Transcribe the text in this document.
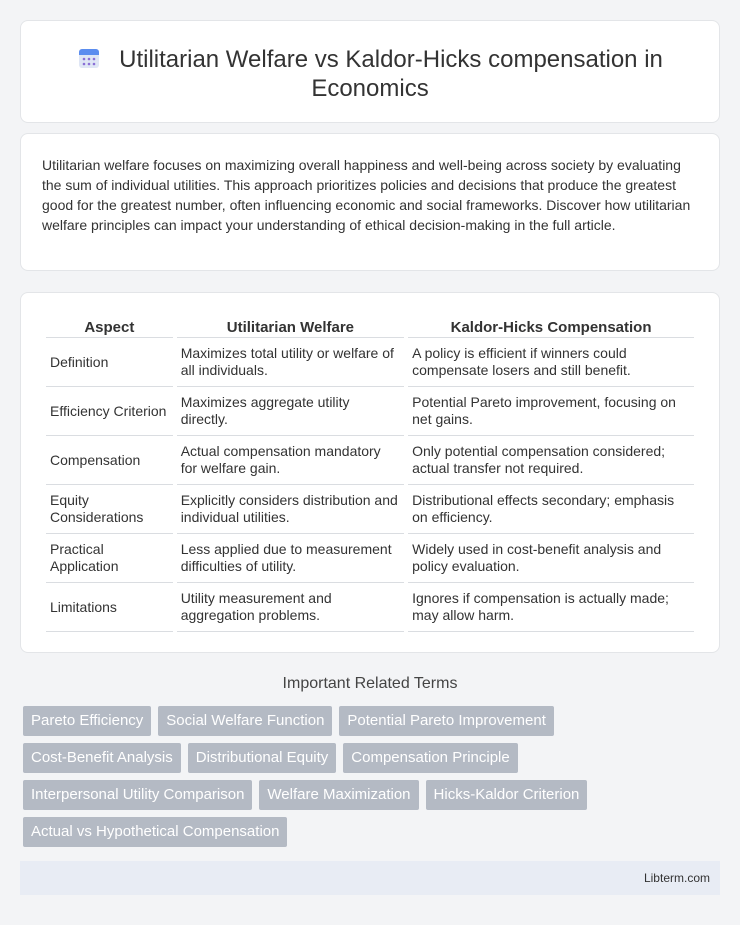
Utilitarian Welfare vs Kaldor-Hicks compensation in Economics

Utilitarian welfare focuses on maximizing overall happiness and well-being across society by evaluating the sum of individual utilities. This approach prioritizes policies and decisions that produce the greatest good for the greatest number, often influencing economic and social frameworks. Discover how utilitarian welfare principles can impact your understanding of ethical decision-making in the full article.

Aspect	Utilitarian Welfare	Kaldor-Hicks Compensation
Definition	Maximizes total utility or welfare of all individuals.	A policy is efficient if winners could compensate losers and still benefit.
Efficiency Criterion	Maximizes aggregate utility directly.	Potential Pareto improvement, focusing on net gains.
Compensation	Actual compensation mandatory for welfare gain.	Only potential compensation considered; actual transfer not required.
Equity Considerations	Explicitly considers distribution and individual utilities.	Distributional effects secondary; emphasis on efficiency.
Practical Application	Less applied due to measurement difficulties of utility.	Widely used in cost-benefit analysis and policy evaluation.
Limitations	Utility measurement and aggregation problems.	Ignores if compensation is actually made; may allow harm.
Important Related Terms
Pareto Efficiency	Social Welfare Function	Potential Pareto Improvement
Cost-Benefit Analysis	Distributional Equity	Compensation Principle
Interpersonal Utility Comparison	Welfare Maximization	Hicks-Kaldor Criterion
Actual vs Hypothetical Compensation
Libterm.com
